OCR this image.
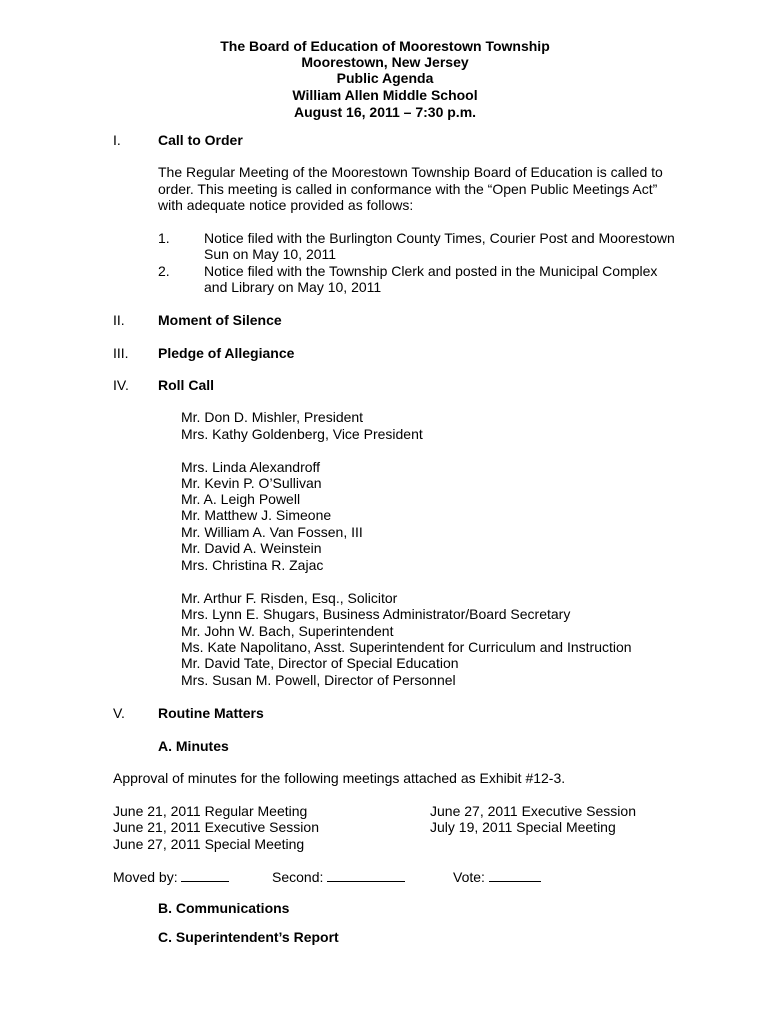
The Board of Education of Moorestown Township
Moorestown, New Jersey
Public Agenda
William Allen Middle School
August 16, 2011 – 7:30 p.m.
I.	Call to Order
The Regular Meeting of the Moorestown Township Board of Education is called to
order. This meeting is called in conformance with the “Open Public Meetings Act”
with adequate notice provided as follows:
1. Notice filed with the Burlington County Times, Courier Post and Moorestown
Sun on May 10, 2011
2. Notice filed with the Township Clerk and posted in the Municipal Complex
and Library on May 10, 2011
II. Moment of Silence
III. Pledge of Allegiance
IV. Roll Call
Mr. Don D. Mishler, President
Mrs. Kathy Goldenberg, Vice President
Mrs. Linda Alexandroff
Mr. Kevin P. O’Sullivan
Mr. A. Leigh Powell
Mr. Matthew J. Simeone
Mr. William A. Van Fossen, III
Mr. David A. Weinstein
Mrs. Christina R. Zajac
Mr. Arthur F. Risden, Esq., Solicitor
Mrs. Lynn E. Shugars, Business Administrator/Board Secretary
Mr. John W. Bach, Superintendent
Ms. Kate Napolitano, Asst. Superintendent for Curriculum and Instruction
Mr. David Tate, Director of Special Education
Mrs. Susan M. Powell, Director of Personnel
V. Routine Matters
A. Minutes
Approval of minutes for the following meetings attached as Exhibit #12-3.
June 21, 2011 Regular Meeting
June 21, 2011 Executive Session
June 27, 2011 Special Meeting
June 27, 2011 Executive Session
July 19, 2011 Special Meeting
Moved by:	Second:	Vote:
B. Communications
C. Superintendent’s Report
